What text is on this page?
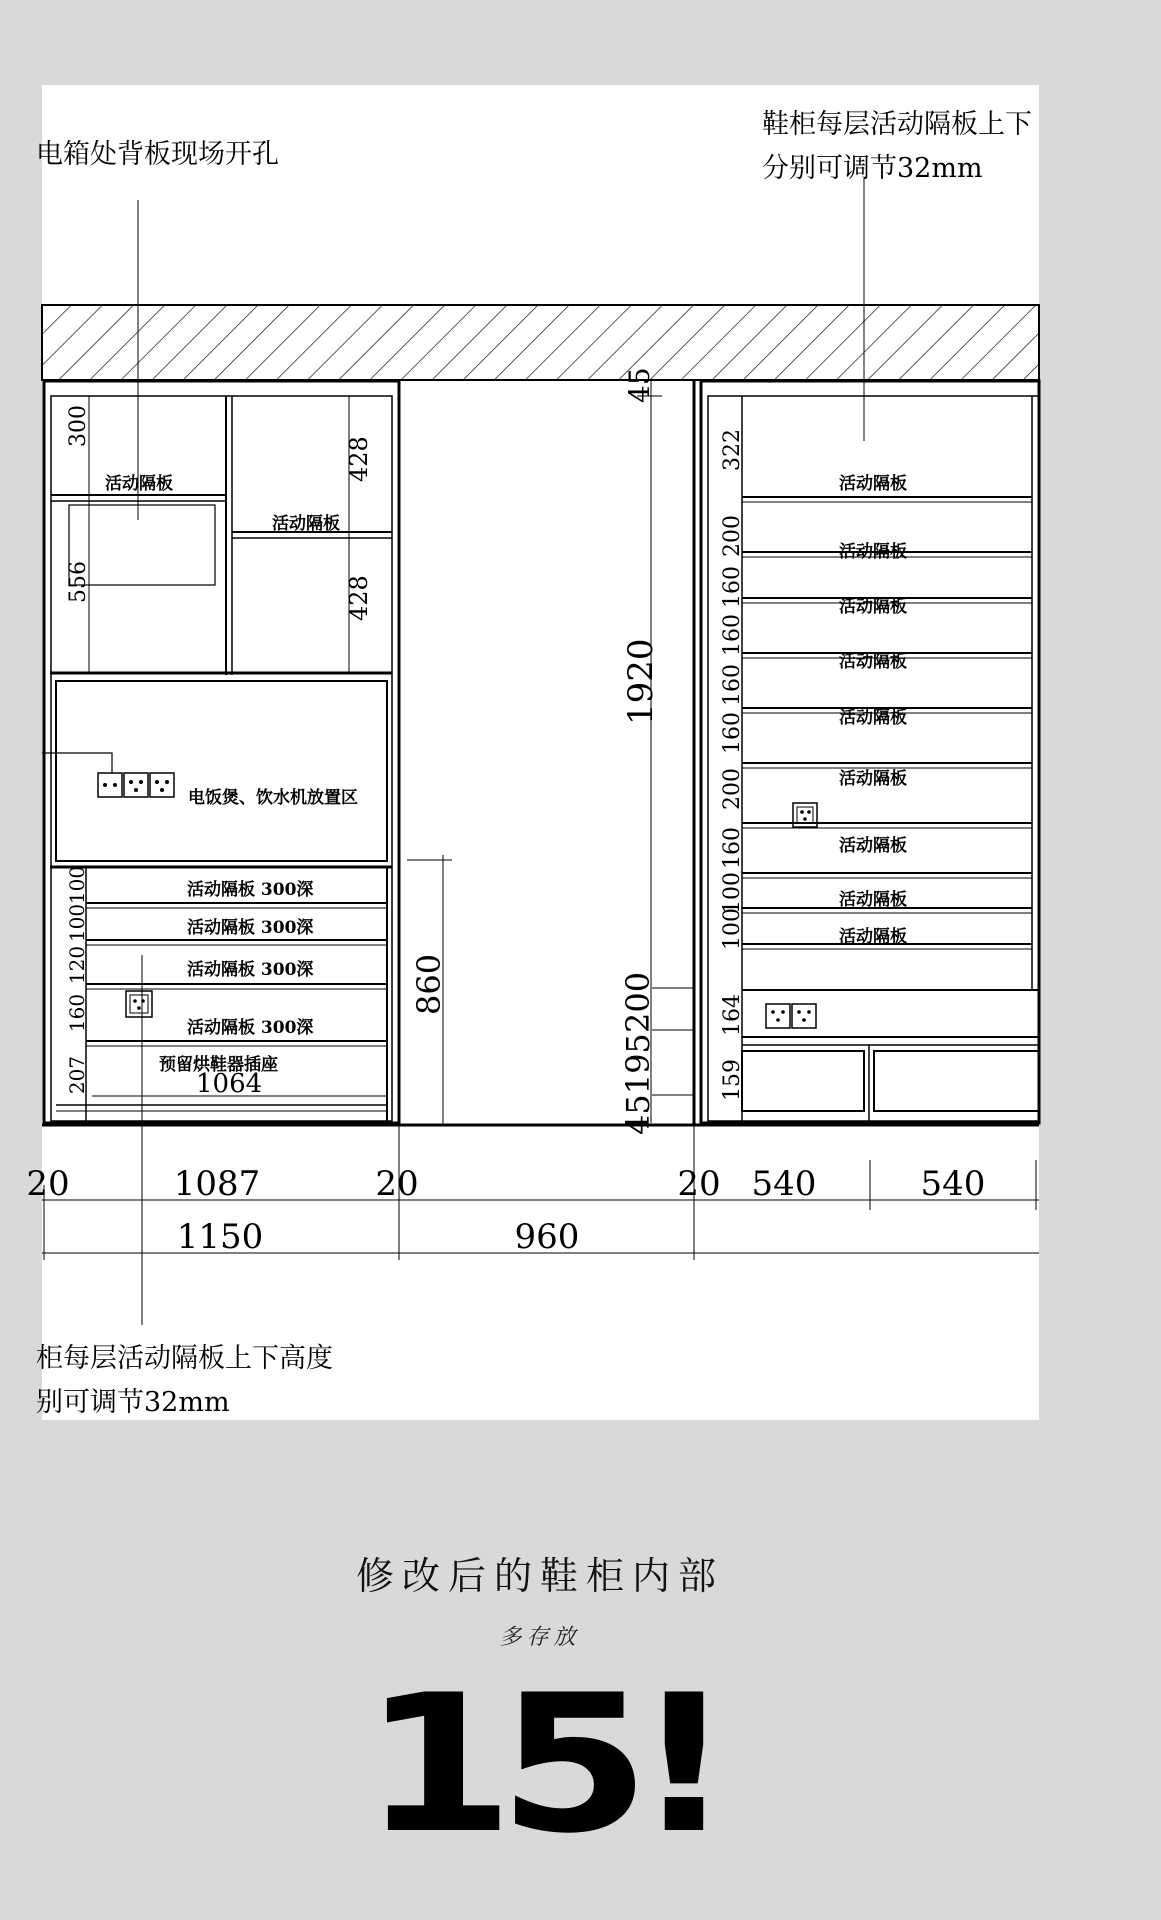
电箱处背板现场开孔
鞋柜每层活动隔板上下
分别可调节32mm
柜每层活动隔板上下高度
别可调节32mm
活动隔板
活动隔板
电饭煲、饮水机放置区
活动隔板 300深
活动隔板 300深
活动隔板 300深
活动隔板 300深
预留烘鞋器插座
1064
300
556
428
428
100
100
120
160
207
45
1920
860	200
45195
活动隔板
活动隔板
活动隔板
活动隔板
活动隔板
活动隔板
活动隔板
活动隔板
活动隔板
322
200
160
160
160
160
200
160
100
100
164
159
20	1087	20	20 540	540
1150	960
修改后的鞋柜内部
多存放
15!
